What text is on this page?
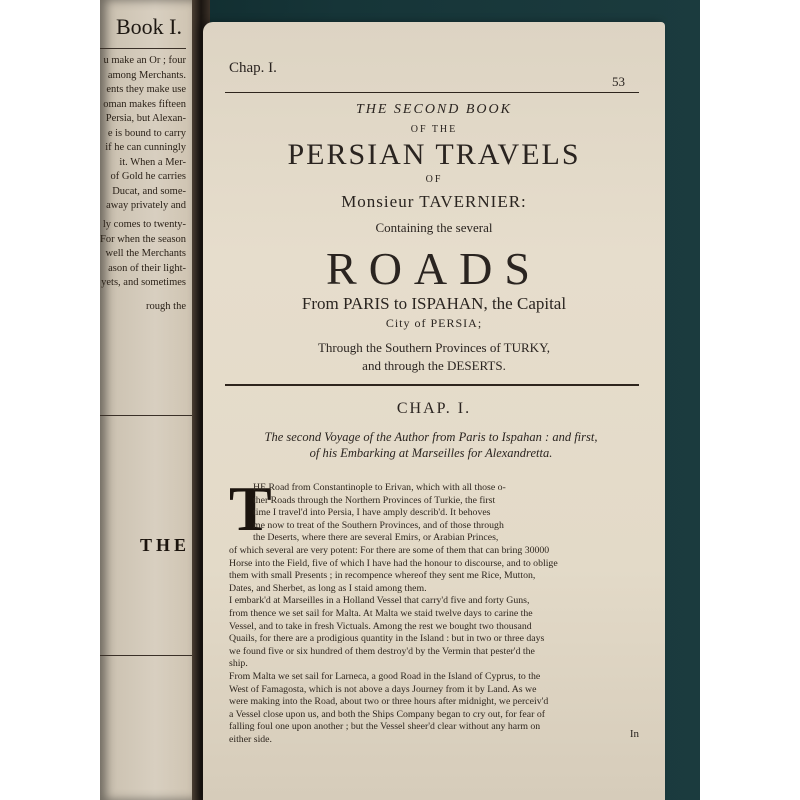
Book I.
u make an Or ; four
among Merchants.
ents they make use
oman makes fifteen
Persia, but Alexan-
e is bound to carry
if he can cunningly
it. When a Mer-
of Gold he carries
Ducat, and some-
away privately and
ly comes to twenty-
For when the season
well the Merchants
ason of their light-
yets, and sometimes
rough the
THE
Chap. I.
53
THE SECOND BOOK
OF THE
PERSIAN TRAVELS
OF
Monsieur TAVERNIER:
Containing the several
ROADS
From PARIS to ISPAHAN, the Capital
City of PERSIA;
Through the Southern Provinces of TURKY,
and through the DESERTS.
CHAP. I.
The second Voyage of the Author from Paris to Ispahan : and first,
of his Embarking at Marseilles for Alexandretta.
T
HE Road from Constantinople to Erivan, which with all those o-
ther Roads through the Northern Provinces of Turkie, the first
time I travel'd into Persia, I have amply describ'd. It behoves
me now to treat of the Southern Provinces, and of those through
the Deserts, where there are several Emirs, or Arabian Princes,
of which several are very potent: For there are some of them that can bring 30000
Horse into the Field, five of which I have had the honour to discourse, and to oblige
them with small Presents ; in recompence whereof they sent me Rice, Mutton,
Dates, and Sherbet, as long as I staid among them.
I embark'd at Marseilles in a Holland Vessel that carry'd five and forty Guns,
from thence we set sail for Malta. At Malta we staid twelve days to carine the
Vessel, and to take in fresh Victuals. Among the rest we bought two thousand
Quails, for there are a prodigious quantity in the Island : but in two or three days
we found five or six hundred of them destroy'd by the Vermin that pester'd the
ship.
From Malta we set sail for Larneca, a good Road in the Island of Cyprus, to the
West of Famagosta, which is not above a days Journey from it by Land. As we
were making into the Road, about two or three hours after midnight, we perceiv'd
a Vessel close upon us, and both the Ships Company began to cry out, for fear of
falling foul one upon another ; but the Vessel sheer'd clear without any harm on
either side.	In
